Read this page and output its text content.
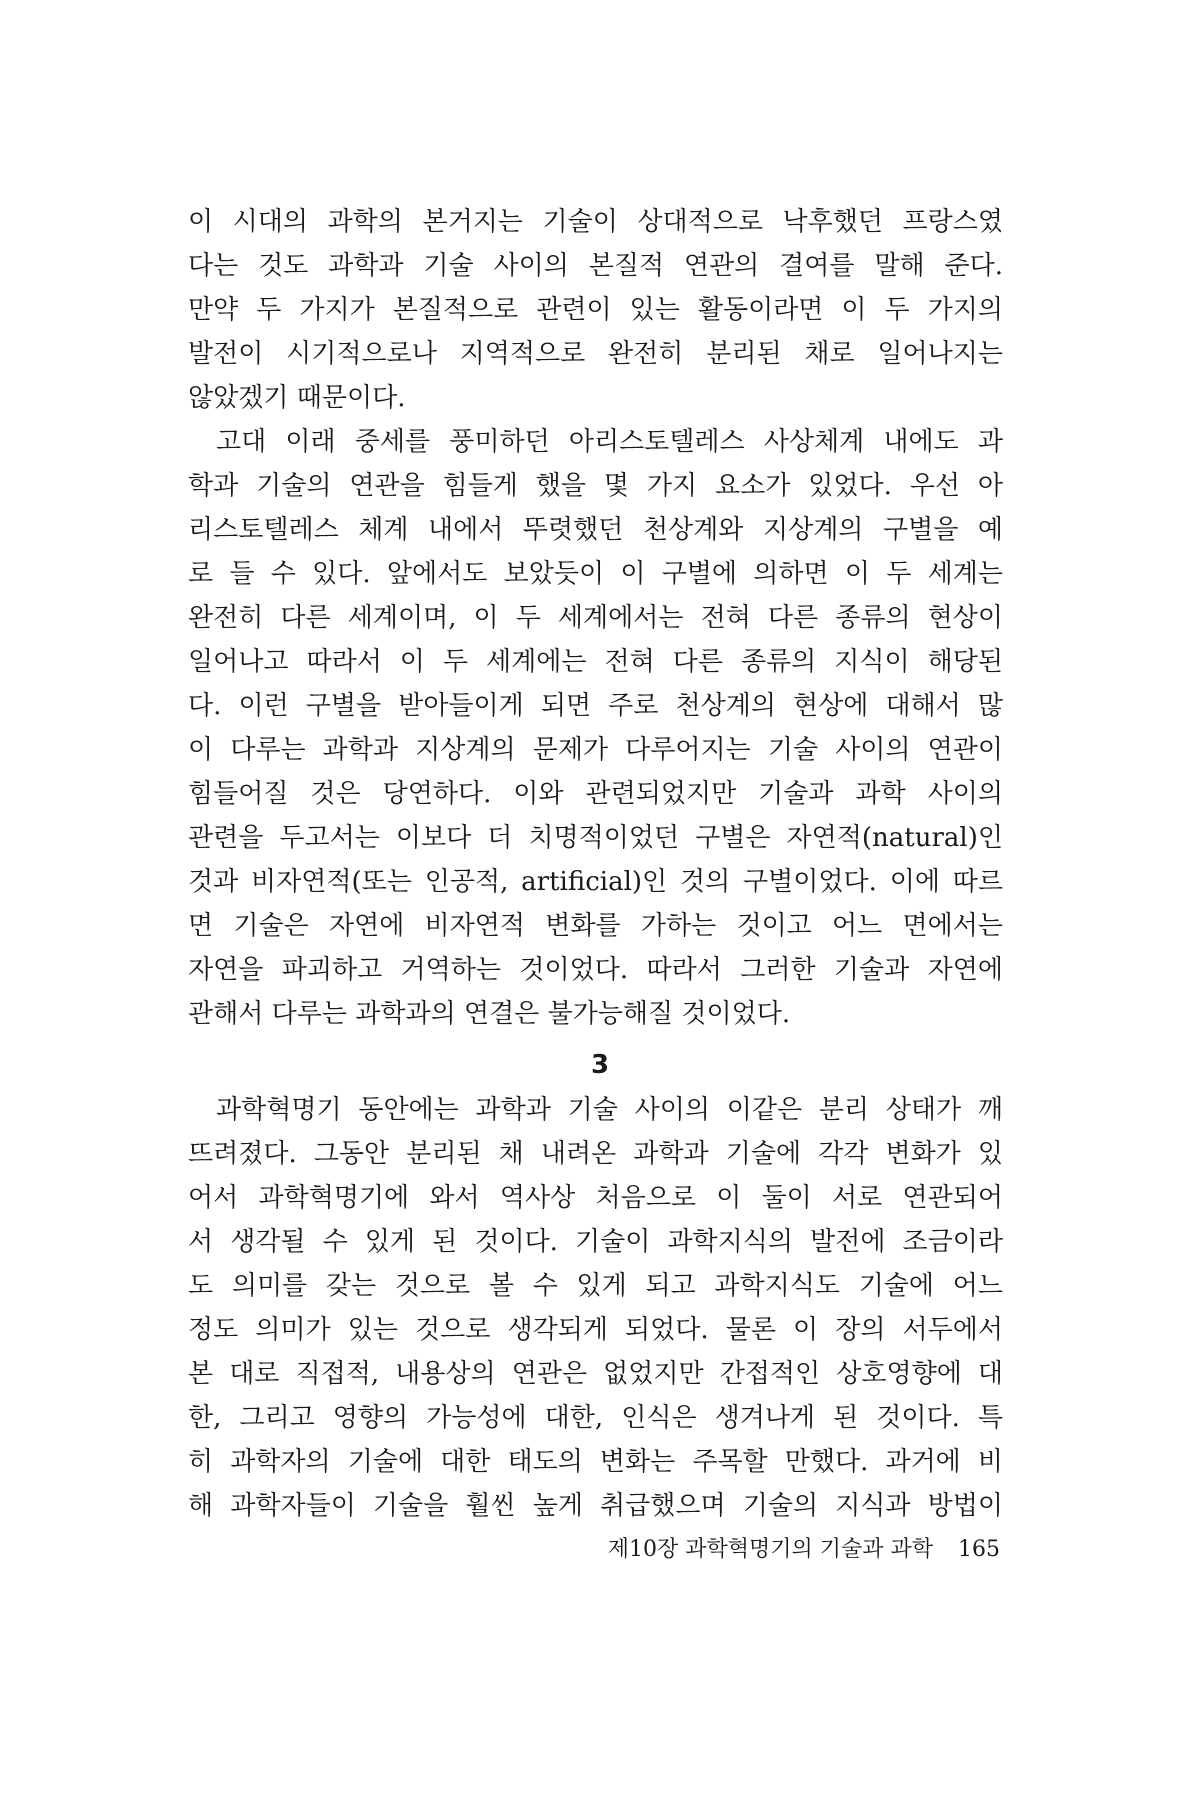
이 시대의 과학의 본거지는 기술이 상대적으로 낙후했던 프랑스였
다는 것도 과학과 기술 사이의 본질적 연관의 결여를 말해 준다.
만약 두 가지가 본질적으로 관련이 있는 활동이라면 이 두 가지의
발전이 시기적으로나 지역적으로 완전히 분리된 채로 일어나지는
않았겠기 때문이다.
고대 이래 중세를 풍미하던 아리스토텔레스 사상체계 내에도 과
학과 기술의 연관을 힘들게 했을 몇 가지 요소가 있었다. 우선 아
리스토텔레스 체계 내에서 뚜렷했던 천상계와 지상계의 구별을 예
로 들 수 있다. 앞에서도 보았듯이 이 구별에 의하면 이 두 세계는
완전히 다른 세계이며, 이 두 세계에서는 전혀 다른 종류의 현상이
일어나고 따라서 이 두 세계에는 전혀 다른 종류의 지식이 해당된
다. 이런 구별을 받아들이게 되면 주로 천상계의 현상에 대해서 많
이 다루는 과학과 지상계의 문제가 다루어지는 기술 사이의 연관이
힘들어질 것은 당연하다. 이와 관련되었지만 기술과 과학 사이의
관련을 두고서는 이보다 더 치명적이었던 구별은 자연적(natural)인
것과 비자연적(또는 인공적, artificial)인 것의 구별이었다. 이에 따르
면 기술은 자연에 비자연적 변화를 가하는 것이고 어느 면에서는
자연을 파괴하고 거역하는 것이었다. 따라서 그러한 기술과 자연에
관해서 다루는 과학과의 연결은 불가능해질 것이었다.
3
과학혁명기 동안에는 과학과 기술 사이의 이같은 분리 상태가 깨
뜨려졌다. 그동안 분리된 채 내려온 과학과 기술에 각각 변화가 있
어서 과학혁명기에 와서 역사상 처음으로 이 둘이 서로 연관되어
서 생각될 수 있게 된 것이다. 기술이 과학지식의 발전에 조금이라
도 의미를 갖는 것으로 볼 수 있게 되고 과학지식도 기술에 어느
정도 의미가 있는 것으로 생각되게 되었다. 물론 이 장의 서두에서
본 대로 직접적, 내용상의 연관은 없었지만 간접적인 상호영향에 대
한, 그리고 영향의 가능성에 대한, 인식은 생겨나게 된 것이다. 특
히 과학자의 기술에 대한 태도의 변화는 주목할 만했다. 과거에 비
해 과학자들이 기술을 훨씬 높게 취급했으며 기술의 지식과 방법이
제10장 과학혁명기의 기술과 과학 165
